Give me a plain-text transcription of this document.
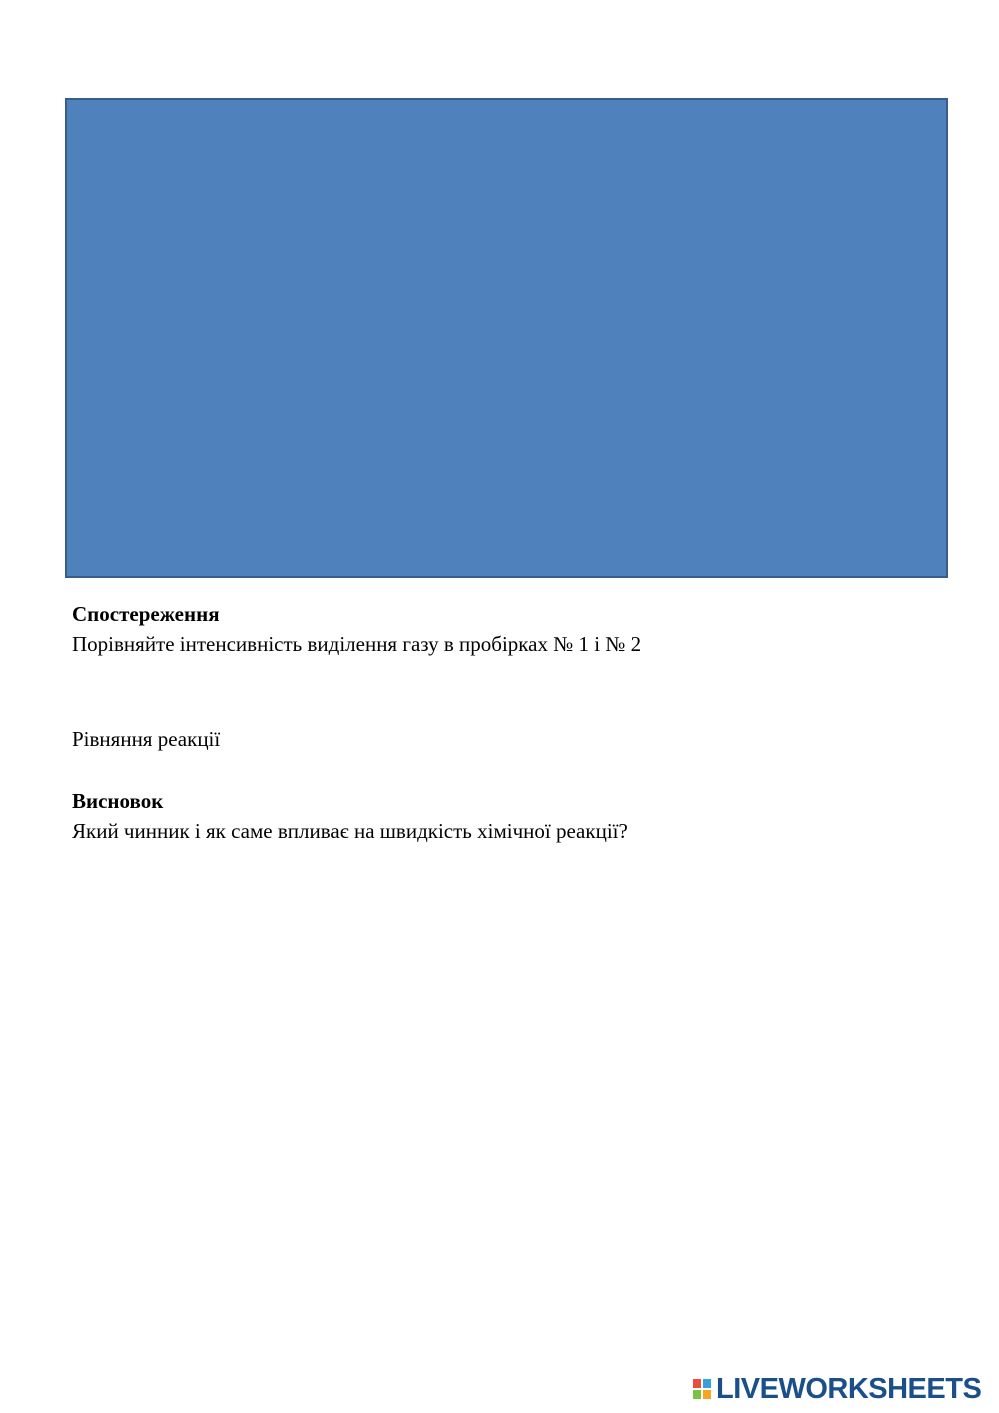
Спостереження
Порівняйте інтенсивність виділення газу в пробірках № 1 і № 2
Рівняння реакції
Висновок
Який чинник і як саме впливає на швидкість хімічної реакції?
LIVEWORKSHEETS
